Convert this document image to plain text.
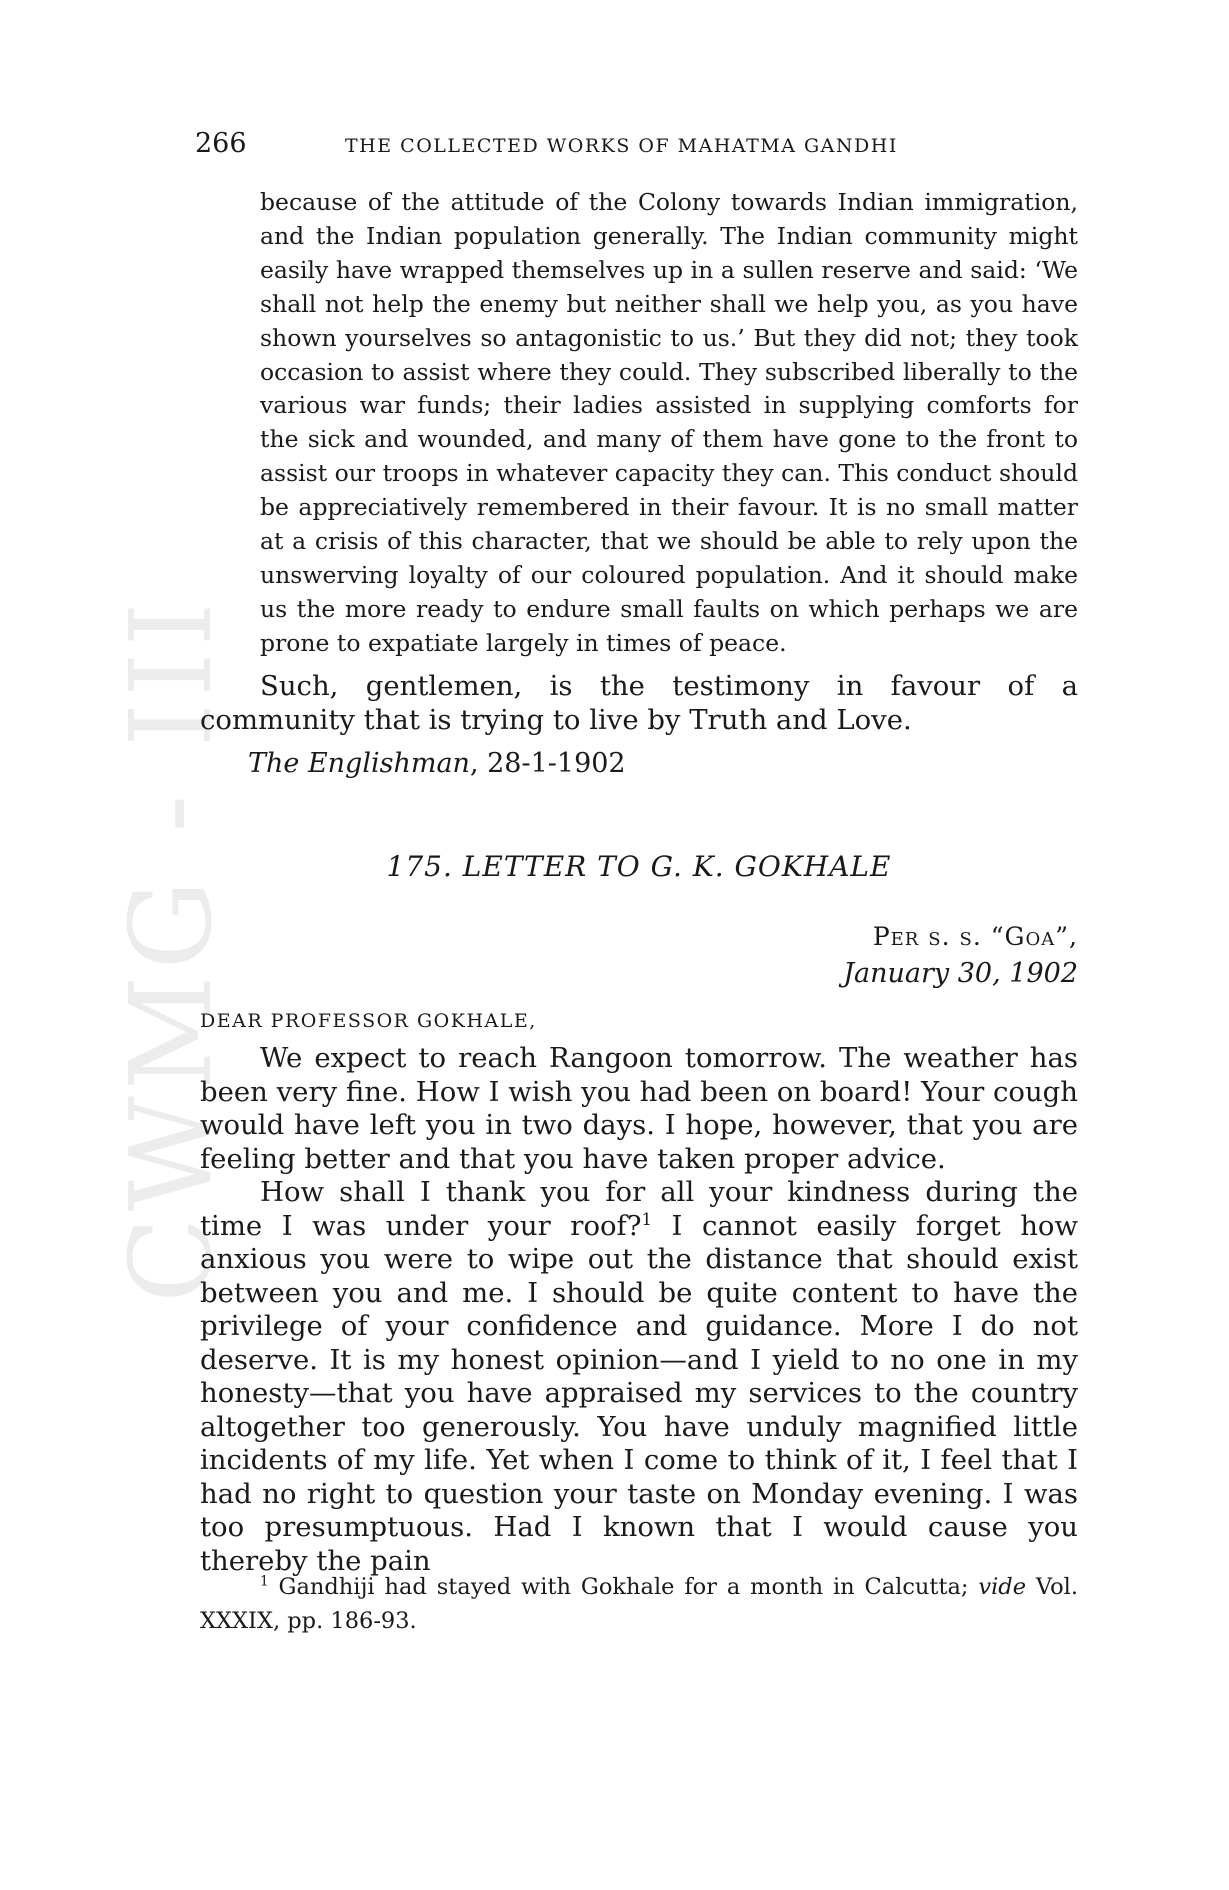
CWMG - III
266	THE COLLECTED WORKS OF MAHATMA GANDHI

because of the attitude of the Colony towards Indian immigration, and the Indian population generally. The Indian community might easily have wrapped themselves up in a sullen reserve and said: ‘We shall not help the enemy but neither shall we help you, as you have shown yourselves so antagonistic to us.’ But they did not; they took occasion to assist where they could. They subscribed liberally to the various war funds; their ladies assisted in supplying comforts for the sick and wounded, and many of them have gone to the front to assist our troops in whatever capacity they can. This conduct should be appreciatively remembered in their favour. It is no small matter at a crisis of this character, that we should be able to rely upon the unswerving loyalty of our coloured population. And it should make us the more ready to endure small faults on which perhaps we are prone to expatiate largely in times of peace.

Such, gentlemen, is the testimony in favour of a community that is trying to live by Truth and Love.

The Englishman, 28-1-1902
175. LETTER TO G. K. GOKHALE
Per s. s. “Goa”,
January 30, 1902
DEAR PROFESSOR GOKHALE,

We expect to reach Rangoon tomorrow. The weather has been very fine. How I wish you had been on board! Your cough would have left you in two days. I hope, however, that you are feeling better and that you have taken proper advice.

How shall I thank you for all your kindness during the time I was under your roof?$^1$ I cannot easily forget how anxious you were to wipe out the distance that should exist between you and me. I should be quite content to have the privilege of your confidence and guidance. More I do not deserve. It is my honest opinion—and I yield to no one in my honesty—that you have appraised my services to the country altogether too generously. You have unduly magnified little incidents of my life. Yet when I come to think of it, I feel that I had no right to question your taste on Monday evening. I was too presumptuous. Had I known that I would cause you thereby the pain

$^1$ Gandhiji had stayed with Gokhale for a month in Calcutta; vide Vol. XXXIX, pp. 186-93.
